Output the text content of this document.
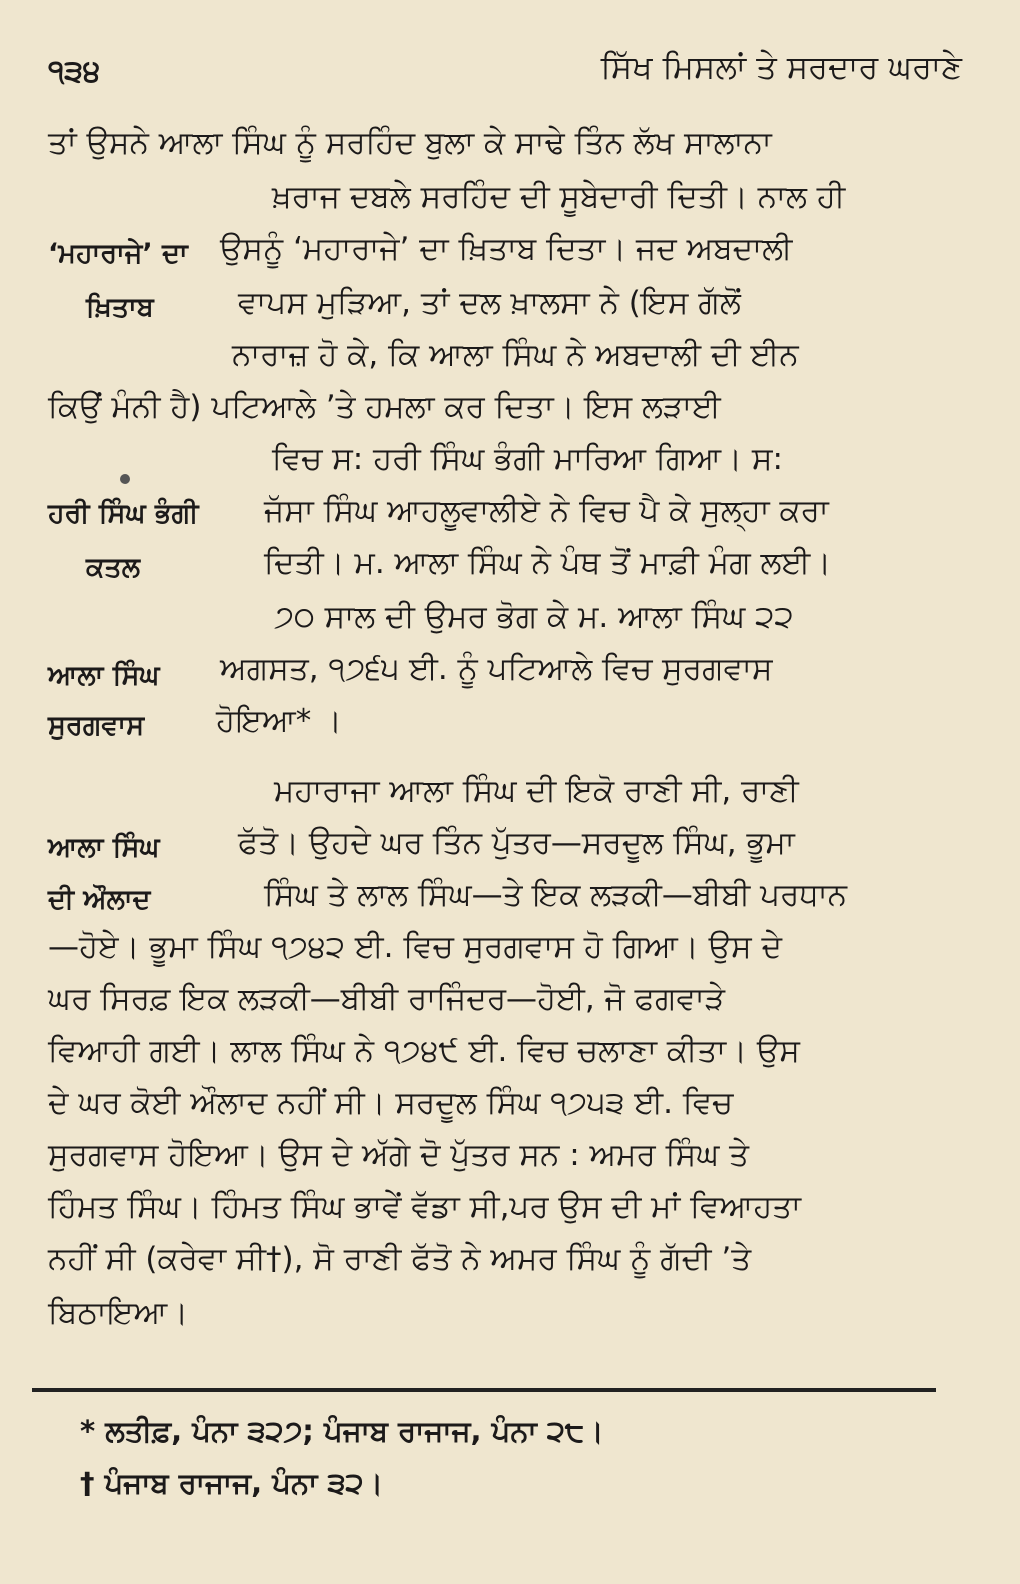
੧੩੪	ਸਿੱਖ ਮਿਸਲਾਂ ਤੇ ਸਰਦਾਰ ਘਰਾਣੇ
ਤਾਂ ਉਸਨੇ ਆਲਾ ਸਿੰਘ ਨੂੰ ਸਰਹਿੰਦ ਬੁਲਾ ਕੇ ਸਾਢੇ ਤਿੰਨ ਲੱਖ ਸਾਲਾਨਾ
ਖ਼ਰਾਜ ਦਬਲੇ ਸਰਹਿੰਦ ਦੀ ਸੂਬੇਦਾਰੀ ਦਿਤੀ। ਨਾਲ ਹੀ
ਉਸਨੂੰ ‘ਮਹਾਰਾਜੇ’ ਦਾ ਖ਼ਿਤਾਬ ਦਿਤਾ। ਜਦ ਅਬਦਾਲੀ
ਵਾਪਸ ਮੁੜਿਆ, ਤਾਂ ਦਲ ਖ਼ਾਲਸਾ ਨੇ (ਇਸ ਗੱਲੋਂ
ਨਾਰਾਜ਼ ਹੋ ਕੇ, ਕਿ ਆਲਾ ਸਿੰਘ ਨੇ ਅਬਦਾਲੀ ਦੀ ਈਨ
ਕਿਉਂ ਮੰਨੀ ਹੈ) ਪਟਿਆਲੇ ’ਤੇ ਹਮਲਾ ਕਰ ਦਿਤਾ। ਇਸ ਲੜਾਈ
ਵਿਚ ਸ: ਹਰੀ ਸਿੰਘ ਭੰਗੀ ਮਾਰਿਆ ਗਿਆ। ਸ:
ਜੱਸਾ ਸਿੰਘ ਆਹਲੂਵਾਲੀਏ ਨੇ ਵਿਚ ਪੈ ਕੇ ਸੁਲ੍ਹਾ ਕਰਾ
ਦਿਤੀ। ਮ. ਆਲਾ ਸਿੰਘ ਨੇ ਪੰਥ ਤੋਂ ਮਾਫ਼ੀ ਮੰਗ ਲਈ।
੭੦ ਸਾਲ ਦੀ ਉਮਰ ਭੋਗ ਕੇ ਮ. ਆਲਾ ਸਿੰਘ ੨੨
ਅਗਸਤ, ੧੭੬੫ ਈ. ਨੂੰ ਪਟਿਆਲੇ ਵਿਚ ਸੁਰਗਵਾਸ
ਹੋਇਆ* ।
ਮਹਾਰਾਜਾ ਆਲਾ ਸਿੰਘ ਦੀ ਇਕੋ ਰਾਣੀ ਸੀ, ਰਾਣੀ
ਫੱਤੋ। ਉਹਦੇ ਘਰ ਤਿੰਨ ਪੁੱਤਰ—ਸਰਦੂਲ ਸਿੰਘ, ਭੂਮਾ
ਸਿੰਘ ਤੇ ਲਾਲ ਸਿੰਘ—ਤੇ ਇਕ ਲੜਕੀ—ਬੀਬੀ ਪਰਧਾਨ
—ਹੋਏ। ਭੂਮਾ ਸਿੰਘ ੧੭੪੨ ਈ. ਵਿਚ ਸੁਰਗਵਾਸ ਹੋ ਗਿਆ। ਉਸ ਦੇ
ਘਰ ਸਿਰਫ਼ ਇਕ ਲੜਕੀ—ਬੀਬੀ ਰਾਜਿੰਦਰ—ਹੋਈ, ਜੋ ਫਗਵਾੜੇ
ਵਿਆਹੀ ਗਈ। ਲਾਲ ਸਿੰਘ ਨੇ ੧੭੪੯ ਈ. ਵਿਚ ਚਲਾਣਾ ਕੀਤਾ। ਉਸ
ਦੇ ਘਰ ਕੋਈ ਔਲਾਦ ਨਹੀਂ ਸੀ। ਸਰਦੂਲ ਸਿੰਘ ੧੭੫੩ ਈ. ਵਿਚ
ਸੁਰਗਵਾਸ ਹੋਇਆ। ਉਸ ਦੇ ਅੱਗੇ ਦੋ ਪੁੱਤਰ ਸਨ : ਅਮਰ ਸਿੰਘ ਤੇ
ਹਿੰਮਤ ਸਿੰਘ। ਹਿੰਮਤ ਸਿੰਘ ਭਾਵੇਂ ਵੱਡਾ ਸੀ,ਪਰ ਉਸ ਦੀ ਮਾਂ ਵਿਆਹਤਾ
ਨਹੀਂ ਸੀ (ਕਰੇਵਾ ਸੀ†), ਸੋ ਰਾਣੀ ਫੱਤੋ ਨੇ ਅਮਰ ਸਿੰਘ ਨੂੰ ਗੱਦੀ ’ਤੇ
ਬਿਠਾਇਆ।
‘ਮਹਾਰਾਜੇ’ ਦਾ
ਖ਼ਿਤਾਬ
ਹਰੀ ਸਿੰਘ ਭੰਗੀ
ਕਤਲ
ਆਲਾ ਸਿੰਘ
ਸੁਰਗਵਾਸ
ਆਲਾ ਸਿੰਘ
ਦੀ ਔਲਾਦ
* ਲਤੀਫ਼, ਪੰਨਾ ੩੨੭; ਪੰਜਾਬ ਰਾਜਾਜ, ਪੰਨਾ ੨੮।
† ਪੰਜਾਬ ਰਾਜਾਜ, ਪੰਨਾ ੩੨।
